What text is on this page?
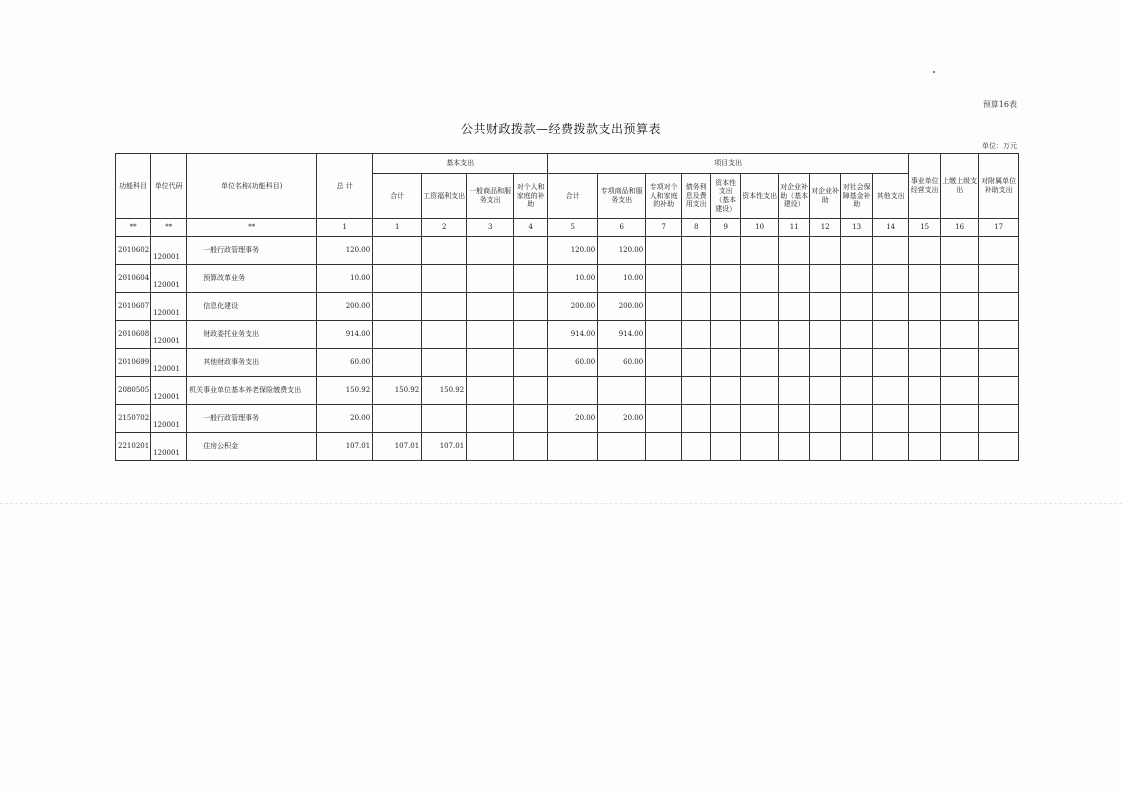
预算16表
公共财政拨款—经费拨款支出预算表
单位：万元
功能科目	单位代码	单位名称(功能科目)	总 计	基本支出				项目支出										事业单位经营支出	上缴上级支出	对附属单位补助支出
				合计	工资福利支出	一般商品和服务支出	对个人和家庭的补助	合计	专项商品和服务支出	专项对个人和家庭的补助	债务利息及费用支出	资本性支出（基本建设）	资本性支出	对企业补助（基本建设）	对企业补助	对社会保障基金补助	其他支出			
**	**	**	1	1	2	3	4	5	6	7	8	9	10	11	12	13	14	15	16	17
2010602	120001	一般行政管理事务	120.00					120.00	120.00											
2010604	120001	预算改革业务	10.00					10.00	10.00											
2010607	120001	信息化建设	200.00					200.00	200.00											
2010608	120001	财政委托业务支出	914.00					914.00	914.00											
2010699	120001	其他财政事务支出	60.00					60.00	60.00											
2080505	120001	机关事业单位基本养老保险缴费支出	150.92	150.92	150.92															
2150702	120001	一般行政管理事务	20.00					20.00	20.00											
2210201	120001	住房公积金	107.01	107.01	107.01															
